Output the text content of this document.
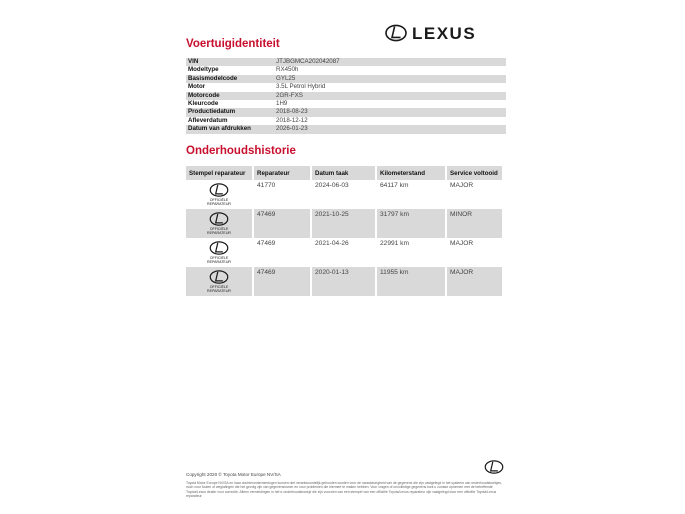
LEXUS
Voertuigidentiteit
VIN	JTJBGMCA202042087
Modeltype	RX450h
Basismodelcode	GYL25
Motor	3.5L Petrol Hybrid
Motorcode	2GR-FXS
Kleurcode	1H9
Productiedatum	2018-08-23
Afleverdatum	2018-12-12
Datum van afdrukken	2026-01-23
Onderhoudshistorie
Stempel reparateur	Reparateur	Datum taak	Kilometerstand	Service voltooid

OFFICIËLE
REPARATEUR	41770	2024-06-03	64117 km	MAJOR

OFFICIËLE
REPARATEUR	47469	2021-10-25	31797 km	MINOR

OFFICIËLE
REPARATEUR	47469	2021-04-26	22991 km	MAJOR

OFFICIËLE
REPARATEUR	47469	2020-01-13	11955 km	MAJOR
Copyright 2020 © Toyota Motor Europe NV/SA
Toyota Motor Europe NV/SA en haar dochterondernemingen kunnen niet verantwoordelijk gehouden worden voor de nauwkeurigheid van de gegevens die zijn vastgelegd in het systeem van onderhoudsboekjes, noch voor fouten of weglatingen die het gevolg zijn van gegevensinvoer en voor problemen die hiermee te maken hebben. Voor vragen of onvolledige gegevens kunt u contact opnemen met de betreffende Toyota/Lexus dealer voor correctie. Alleen vermeldingen in het e-onderhoudsboekje die zijn voorzien van een stempel van een officiële Toyota/Lexus reparateur zijn vastgelegd door een officiële Toyota/Lexus reparateur.
